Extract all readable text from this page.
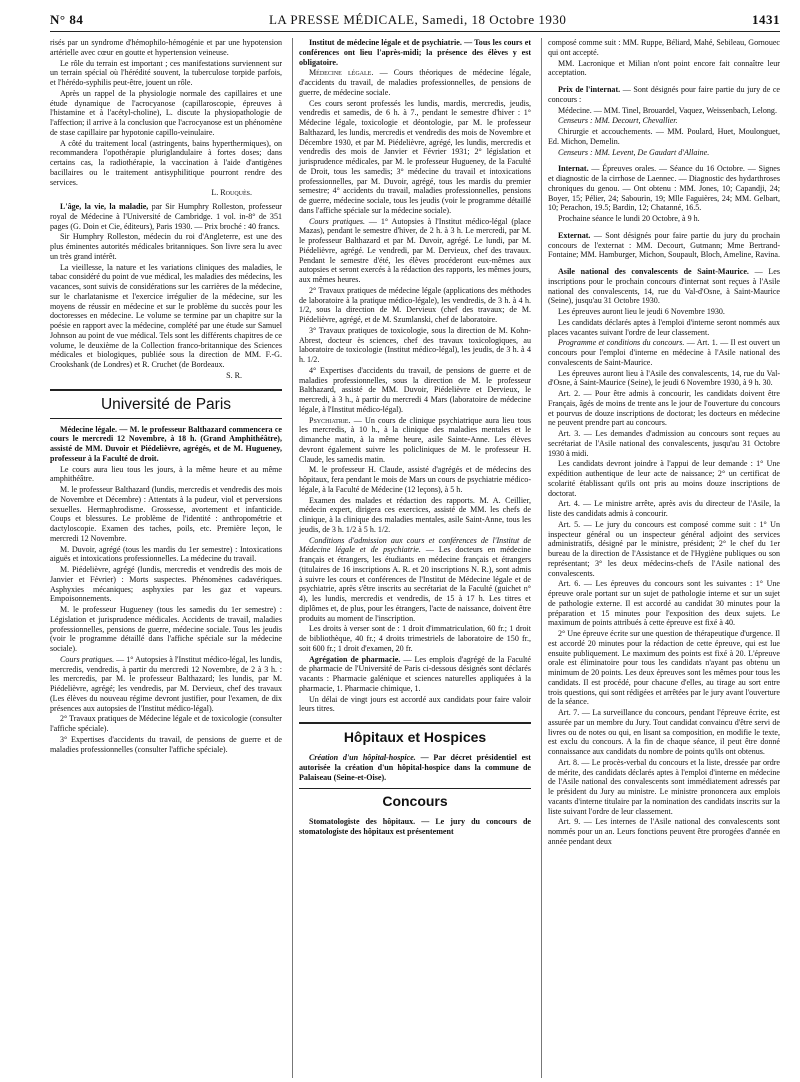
N° 84	LA PRESSE MÉDICALE, Samedi, 18 Octobre 1930	1431

risés par un syndrome d'hémophilo-hémogénie et par une hypotension artérielle avec cœur en goutte et hypertension veineuse.

Le rôle du terrain est important ; ces manifestations surviennent sur un terrain spécial où l'hérédité souvent, la tuberculose torpide parfois, et l'hérédo-syphilis peut-être, jouent un rôle.

Après un rappel de la physiologie normale des capillaires et une étude dynamique de l'acrocyanose (capillaroscopie, épreuves à l'histamine et à l'acétyl-choline), L. discute la physiopathologie de l'affection; il arrive à la conclusion que l'acrocyanose est un phénomène de stase capillaire par hypotonie capillo-veinulaire.

A côté du traitement local (astringents, bains hyperthermiques), on recommandera l'opothérapie pluriglandulaire à fortes doses; dans certains cas, la radiothérapie, la vaccination à l'aide d'antigènes bacillaires ou le traitement antisyphilitique pourront rendre des services.

L. Rouquès.

L'âge, la vie, la maladie, par Sir Humphry Rolleston, professeur royal de Médecine à l'Université de Cambridge. 1 vol. in-8° de 351 pages (G. Doin et Cie, éditeurs), Paris 1930. — Prix broché : 40 francs.

Sir Humphry Rolleston, médecin du roi d'Angleterre, est une des plus éminentes autorités médicales britanniques. Son livre sera lu avec un très grand intérêt.

La vieillesse, la nature et les variations cliniques des maladies, le tabac considéré du point de vue médical, les maladies des médecins, les vacances, sont suivis de considérations sur les carrières de la médecine, sur le charlatanisme et l'exercice irrégulier de la médecine, sur les moyens de réussir en médecine et sur le problème du succès pour les doctoresses en médecine. Le volume se termine par un chapitre sur la poésie en rapport avec la médecine, complété par une étude sur Samuel Johnson au point de vue médical. Tels sont les différents chapitres de ce volume, le deuxième de la Collection franco-britannique des Sciences médicales et biologiques, publiée sous la direction de MM. F.-G. Crookshank (de Londres) et R. Cruchet (de Bordeaux.

S. R.

Université de Paris

Médecine légale. — M. le professeur Balthazard commencera ce cours le mercredi 12 Novembre, à 18 h. (Grand Amphithéâtre), assisté de MM. Duvoir et Piédelièvre, agrégés, et de M. Hugueney, professeur à la Faculté de droit.

Le cours aura lieu tous les jours, à la même heure et au même amphithéâtre.

M. le professeur Balthazard (lundis, mercredis et vendredis des mois de Novembre et Décembre) : Attentats à la pudeur, viol et perversions sexuelles. Hermaphrodisme. Grossesse, avortement et infanticide. Coups et blessures. Le problème de l'identité : anthropométrie et dactyloscopie. Examen des taches, poils, etc. Première leçon, le mercredi 12 Novembre.

M. Duvoir, agrégé (tous les mardis du 1er semestre) : Intoxications aiguës et intoxications professionnelles. La médecine du travail.

M. Piédelièvre, agrégé (lundis, mercredis et vendredis des mois de Janvier et Février) : Morts suspectes. Phénomènes cadavériques. Asphyxies mécaniques; asphyxies par les gaz et vapeurs. Empoisonnements.

M. le professeur Hugueney (tous les samedis du 1er semestre) : Législation et jurisprudence médicales. Accidents de travail, maladies professionnelles, pensions de guerre, médecine sociale. Tous les jeudis (voir le programme détaillé dans l'affiche spéciale sur la médecine sociale).

Cours pratiques. — 1° Autopsies à l'Institut médico-légal, les lundis, mercredis, vendredis, à partir du mercredi 12 Novembre, de 2 à 3 h. : les mercredis, par M. le professeur Balthazard; les lundis, par M. Piédelièvre, agrégé; les vendredis, par M. Dervieux, chef des travaux (Les élèves du nouveau régime devront justifier, pour l'examen, de dix présences aux autopsies de l'Institut médico-légal).

2° Travaux pratiques de Médecine légale et de toxicologie (consulter l'affiche spéciale).

3° Expertises d'accidents du travail, de pensions de guerre et de maladies professionnelles (consulter l'affiche spéciale).

Institut de médecine légale et de psychiatrie. — Tous les cours et conférences ont lieu l'après-midi; la présence des élèves y est obligatoire.

Médecine légale. — Cours théoriques de médecine légale, d'accidents du travail, de maladies professionnelles, de pensions de guerre, de médecine sociale.

Ces cours seront professés les lundis, mardis, mercredis, jeudis, vendredis et samedis, de 6 h. à 7., pendant le semestre d'hiver : 1° Médecine légale, toxicologie et déontologie, par M. le professeur Balthazard, les lundis, mercredis et vendredis des mois de Novembre et Décembre 1930, et par M. Piédelièvre, agrégé, les lundis, mercredis et vendredis des mois de Janvier et Février 1931; 2° législation et jurisprudence médicales, par M. le professeur Hugueney, de la Faculté de Droit, tous les samedis; 3° médecine du travail et intoxications professionnelles, par M. Duvoir, agrégé, tous les mardis du premier semestre; 4° accidents du travail, maladies professionnelles, pensions de guerre, médecine sociale, tous les jeudis (voir le programme détaillé dans l'affiche spéciale sur la médecine sociale).

Cours pratiques. — 1° Autopsies à l'Institut médico-légal (place Mazas), pendant le semestre d'hiver, de 2 h. à 3 h. Le mercredi, par M. le professeur Balthazard et par M. Duvoir, agrégé. Le lundi, par M. Piédelièvre, agrégé. Le vendredi, par M. Dervieux, chef des travaux. Pendant le semestre d'été, les élèves procéderont eux-mêmes aux autopsies et seront exercés à la rédaction des rapports, les mêmes jours, aux mêmes heures.

2° Travaux pratiques de médecine légale (applications des méthodes de laboratoire à la pratique médico-légale), les vendredis, de 3 h. à 4 h. 1/2, sous la direction de M. Dervieux (chef des travaux; de M. Piédelièvre, agrégé, et de M. Szumlanski, chef de laboratoire.

3° Travaux pratiques de toxicologie, sous la direction de M. Kohn-Abrest, docteur ès sciences, chef des travaux toxicologiques, au laboratoire de toxicologie (Institut médico-légal), les jeudis, de 3 h. à 4 h. 1/2.

4° Expertises d'accidents du travail, de pensions de guerre et de maladies professionnelles, sous la direction de M. le professeur Balthazard, assisté de MM. Duvoir, Piédelièvre et Dervieux, le mercredi, à 3 h., à partir du mercredi 4 Mars (laboratoire de médecine légale, à l'Institut médico-légal).

Psychiatrie. — Un cours de clinique psychiatrique aura lieu tous les mercredis, à 10 h., à la clinique des maladies mentales et le dimanche matin, à la même heure, asile Sainte-Anne. Les élèves devront également suivre les policliniques de M. le professeur H. Claude, les samedis matin.

M. le professeur H. Claude, assisté d'agrégés et de médecins des hôpitaux, fera pendant le mois de Mars un cours de psychiatrie médico-légale, à la Faculté de Médecine (12 leçons), à 5 h.

Examen des malades et rédaction des rapports. M. A. Ceillier, médecin expert, dirigera ces exercices, assisté de MM. les chefs de clinique, à la clinique des maladies mentales, asile Saint-Anne, tous les jeudis, de 3 h. 1/2 à 5 h. 1/2.

Conditions d'admission aux cours et conférences de l'Institut de Médecine légale et de psychiatrie. — Les docteurs en médecine français et étrangers, les étudiants en médecine français et étrangers (titulaires de 16 inscriptions A. R. et 20 inscriptions N. R.), sont admis à suivre les cours et conférences de l'Institut de Médecine légale et de psychiatrie, après s'être inscrits au secrétariat de la Faculté (guichet n° 4), les lundis, mercredis et vendredis, de 15 à 17 h. Les titres et diplômes et, de plus, pour les étrangers, l'acte de naissance, doivent être produits au moment de l'inscription.

Les droits à verser sont de : 1 droit d'immatriculation, 60 fr.; 1 droit de bibliothèque, 40 fr.; 4 droits trimestriels de laboratoire de 150 fr., soit 600 fr.; 1 droit d'examen, 20 fr.

Agrégation de pharmacie. — Les emplois d'agrégé de la Faculté de pharmacie de l'Université de Paris ci-dessous désignés sont déclarés vacants : Pharmacie galénique et sciences naturelles appliquées à la pharmacie, 1. Pharmacie chimique, 1.

Un délai de vingt jours est accordé aux candidats pour faire valoir leurs titres.

Hôpitaux et Hospices

Création d'un hôpital-hospice. — Par décret présidentiel est autorisée la création d'un hôpital-hospice dans la commune de Palaiseau (Seine-et-Oise).

Concours

Stomatologiste des hôpitaux. — Le jury du concours de stomatologiste des hôpitaux est présentement

composé comme suit : MM. Ruppe, Béliard, Mahé, Sebileau, Gornouec qui ont accepté.

MM. Lacronique et Milian n'ont point encore fait connaître leur acceptation.

Prix de l'internat. — Sont désignés pour faire partie du jury de ce concours :

Médecine. — MM. Tinel, Brouardel, Vaquez, Weissenbach, Lelong.

Censeurs : MM. Decourt, Chevallier.

Chirurgie et accouchements. — MM. Poulard, Huet, Moulonguet, Ed. Michon, Demelin.

Censeurs : MM. Levent, De Gaudart d'Allaine.

Internat. — Épreuves orales. — Séance du 16 Octobre. — Signes et diagnostic de la cirrhose de Laennec. — Diagnostic des hydarthroses chroniques du genou. — Ont obtenu : MM. Jones, 10; Capandji, 24; Boyer, 15; Pélier, 24; Sabourin, 19; Mlle Faguières, 24; MM. Gelbart, 10; Perachon, 19.5; Bardin, 12; Chatanné, 16.5.

Prochaine séance le lundi 20 Octobre, à 9 h.

Externat. — Sont désignés pour faire partie du jury du prochain concours de l'externat : MM. Decourt, Gutmann; Mme Bertrand-Fontaine; MM. Hamburger, Michon, Soupault, Bloch, Ameline, Ravina.

Asile national des convalescents de Saint-Maurice. — Les inscriptions pour le prochain concours d'internat sont reçues à l'Asile national des convalescents, 14, rue du Val-d'Osne, à Saint-Maurice (Seine), jusqu'au 31 Octobre 1930.

Les épreuves auront lieu le jeudi 6 Novembre 1930.

Les candidats déclarés aptes à l'emploi d'interne seront nommés aux places vacantes suivant l'ordre de leur classement.

Programme et conditions du concours. — Art. 1. — Il est ouvert un concours pour l'emploi d'interne en médecine à l'Asile national des convalescents de Saint-Maurice.

Les épreuves auront lieu à l'Asile des convalescents, 14, rue du Val-d'Osne, à Saint-Maurice (Seine), le jeudi 6 Novembre 1930, à 9 h. 30.

Art. 2. — Pour être admis à concourir, les candidats doivent être Français, âgés de moins de trente ans le jour de l'ouverture du concours et pourvus de douze inscriptions de doctorat; les docteurs en médecine ne peuvent prendre part au concours.

Art. 3. — Les demandes d'admission au concours sont reçues au secrétariat de l'Asile national des convalescents, jusqu'au 31 Octobre 1930 à midi.

Les candidats devront joindre à l'appui de leur demande : 1° Une expédition authentique de leur acte de naissance; 2° un certificat de scolarité établissant qu'ils ont pris au moins douze inscriptions de doctorat.

Art. 4. — Le ministre arrête, après avis du directeur de l'Asile, la liste des candidats admis à concourir.

Art. 5. — Le jury du concours est composé comme suit : 1° Un inspecteur général ou un inspecteur général adjoint des services administratifs, désigné par le ministre, président; 2° le chef du 1er bureau de la direction de l'Assistance et de l'Hygiène publiques ou son représentant; 3° les deux médecins-chefs de l'Asile national des convalescents.

Art. 6. — Les épreuves du concours sont les suivantes : 1° Une épreuve orale portant sur un sujet de pathologie interne et sur un sujet de pathologie externe. Il est accordé au candidat 30 minutes pour la préparation et 15 minutes pour l'exposition des deux sujets. Le maximum de points attribués à cette épreuve est fixé à 40.

2° Une épreuve écrite sur une question de thérapeutique d'urgence. Il est accordé 20 minutes pour la rédaction de cette épreuve, qui est lue ensuite publiquement. Le maximum des points est fixé à 20. L'épreuve orale est éliminatoire pour tous les candidats n'ayant pas obtenu un minimum de 20 points. Les deux épreuves sont les mêmes pour tous les candidats. Il est procédé, pour chacune d'elles, au tirage au sort entre trois questions, qui sont rédigées et arrêtées par le jury avant l'ouverture de la séance.

Art. 7. — La surveillance du concours, pendant l'épreuve écrite, est assurée par un membre du Jury. Tout candidat convaincu d'être servi de livres ou de notes ou qui, en lisant sa composition, en modifie le texte, est exclu du concours. A la fin de chaque séance, il peut être donné connaissance aux candidats du nombre de points qu'ils ont obtenus.

Art. 8. — Le procès-verbal du concours et la liste, dressée par ordre de mérite, des candidats déclarés aptes à l'emploi d'interne en médecine de l'Asile national des convalescents sont immédiatement adressés par le président du Jury au ministre. Le ministre prononcera aux emplois vacants d'interne titulaire par la nomination des candidats inscrits sur la liste suivant l'ordre de leur classement.

Art. 9. — Les internes de l'Asile national des convalescents sont nommés pour un an. Leurs fonctions peuvent être prorogées d'année en année pendant deux
